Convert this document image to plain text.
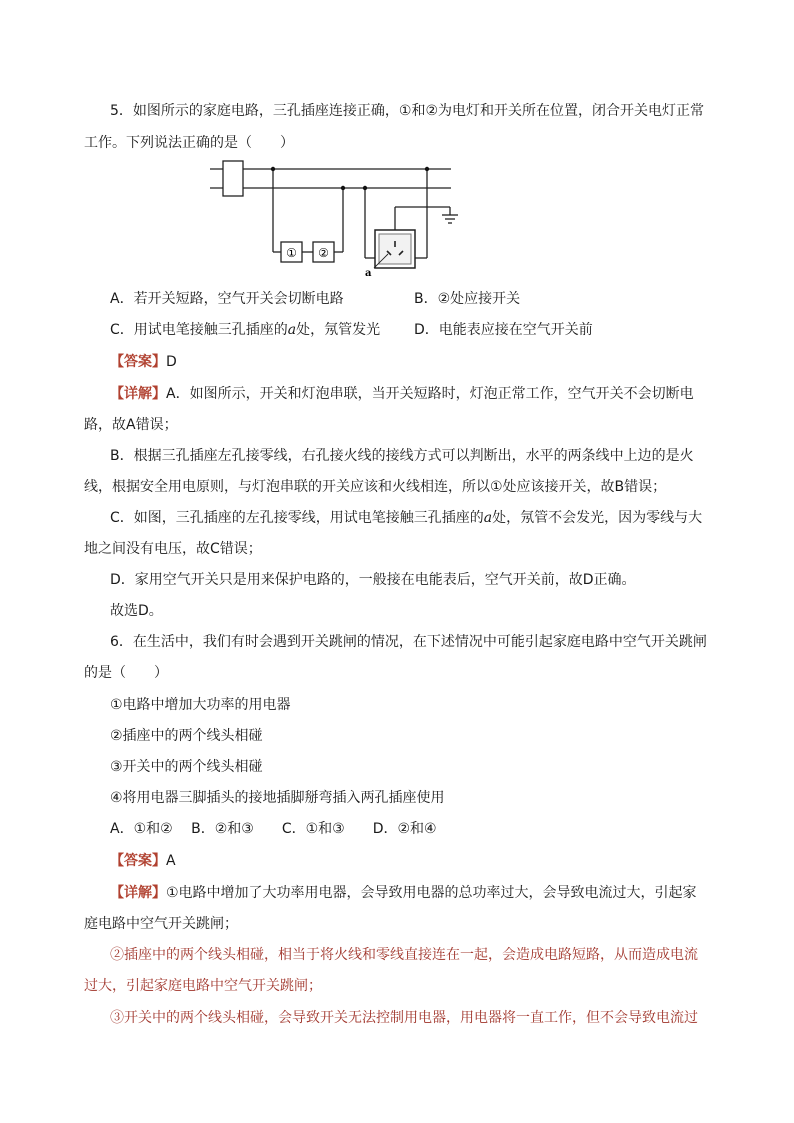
5．如图所示的家庭电路，三孔插座连接正确，①和②为电灯和开关所在位置，闭合开关电灯正常
工作。下列说法正确的是（　　）
① ②
a
A．若开关短路，空气开关会切断电路	B．②处应接开关
C．用试电笔接触三孔插座的a处，氖管发光 D．电能表应接在空气开关前
【答案】D
【详解】A．如图所示，开关和灯泡串联，当开关短路时，灯泡正常工作，空气开关不会切断电
路，故A错误；
B．根据三孔插座左孔接零线，右孔接火线的接线方式可以判断出，水平的两条线中上边的是火
线，根据安全用电原则，与灯泡串联的开关应该和火线相连，所以①处应该接开关，故B错误；
C．如图，三孔插座的左孔接零线，用试电笔接触三孔插座的a处，氖管不会发光，因为零线与大
地之间没有电压，故C错误；
D．家用空气开关只是用来保护电路的，一般接在电能表后，空气开关前，故D正确。
故选D。
6．在生活中，我们有时会遇到开关跳闸的情况，在下述情况中可能引起家庭电路中空气开关跳闸
的是（　　）
①电路中增加大功率的用电器
②插座中的两个线头相碰
③开关中的两个线头相碰
④将用电器三脚插头的接地插脚掰弯插入两孔插座使用
A．①和②　 B．②和③　　C．①和③　　D．②和④
【答案】A
【详解】①电路中增加了大功率用电器，会导致用电器的总功率过大，会导致电流过大，引起家
庭电路中空气开关跳闸；
②插座中的两个线头相碰，相当于将火线和零线直接连在一起，会造成电路短路，从而造成电流
过大，引起家庭电路中空气开关跳闸；
③开关中的两个线头相碰，会导致开关无法控制用电器，用电器将一直工作，但不会导致电流过
